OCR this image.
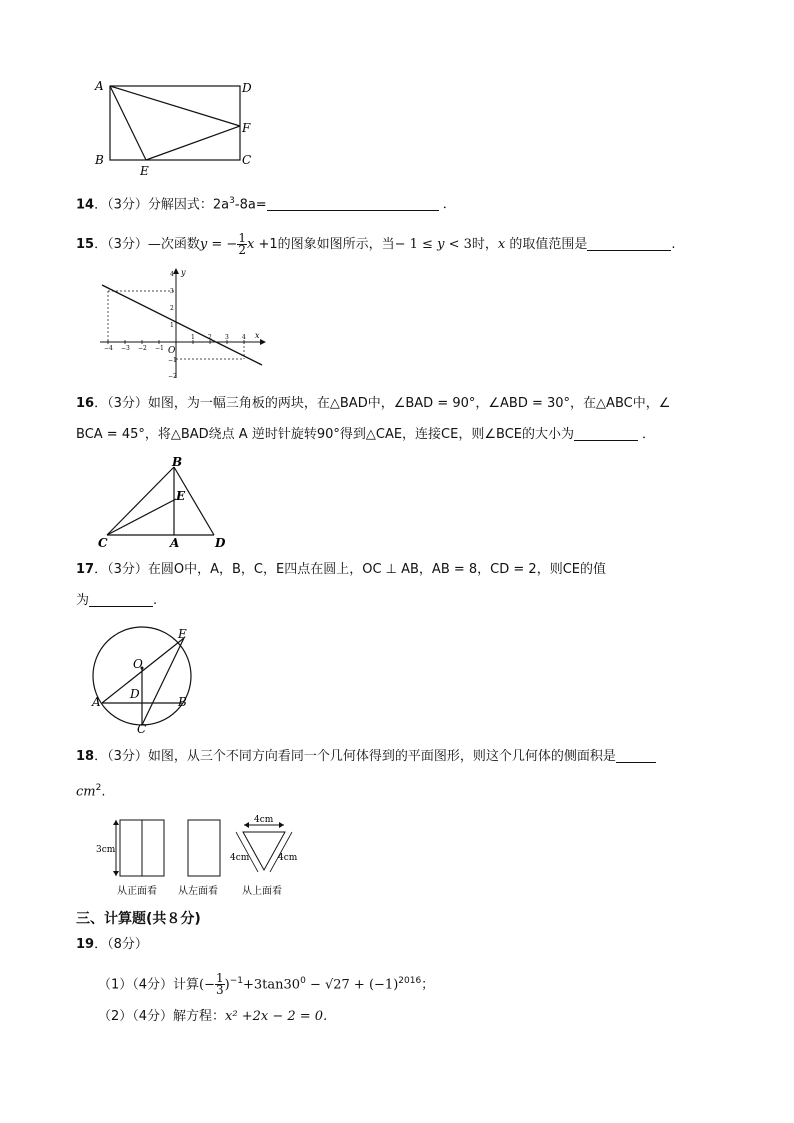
A	D
F
B	C
E
14．（3分）分解因式：$2a^3-8a=$	．
15．（3分）—次函数y = − $\frac{1}{2}$ x +1的图象如图所示，当− 1 ≤ y < 3时，x 的取值范围是	.
x
y
O
−4 −3 −2 −1
1 2 3 4
4
3
2
1
−1
−2
16．（3分）如图，为一幅三角板的两块，在△BAD中，∠BAD = 90°，∠ABD = 30°，在△ABC中，∠
BCA = 45°，将△BAD绕点 A 逆时针旋转90°得到△CAE，连接CE，则∠BCE的大小为	．
B
E
C	A	D
17．（3分）在圆O中，A，B，C，E四点在圆上，OC ⊥ AB，AB = 8，CD = 2，则CE的值
为	.
E
O
D
A	B
C
18．（3分）如图，从三个不同方向看同一个几何体得到的平面图形，则这个几何体的侧面积是
$cm^2$.
3cm
4cm
4cm	4cm
从正面看 从左面看 从上面看
三、计算题(共８分)
19．（8分）
（1）（4分）计算(− $\frac{1}{3} )^{-1}+3\tan 30^0 - √27 + (-1)^{2016}$；
（2）（4分）解方程：x² +2x − 2 = 0.
